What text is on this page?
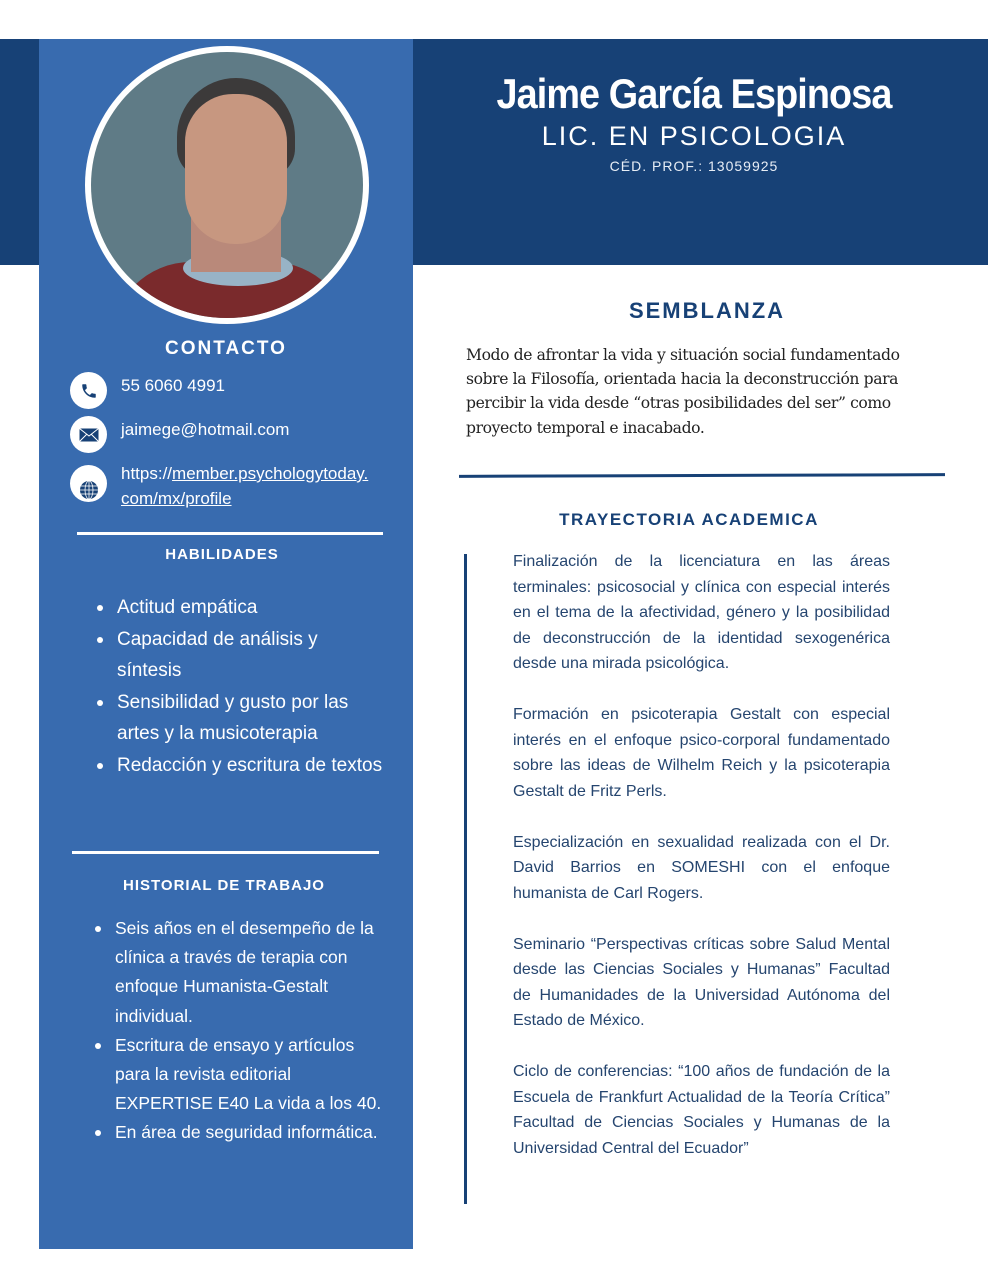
Jaime García Espinosa
LIC. EN PSICOLOGIA
CÉD. PROF.: 13059925
CONTACTO
55 6060 4991
jaimege@hotmail.com
https://member.psychologytoday.
com/mx/profile
HABILIDADES
Actitud empática
Capacidad de análisis y síntesis
Sensibilidad y gusto por las artes y la musicoterapia
Redacción y escritura de textos
HISTORIAL DE TRABAJO
Seis años en el desempeño de la clínica a través de terapia con enfoque Humanista-Gestalt individual.
Escritura de ensayo y artículos para la revista editorial EXPERTISE E40 La vida a los 40.
En área de seguridad informática.
SEMBLANZA
Modo de afrontar la vida y situación social fundamentado sobre la Filosofía, orientada hacia la deconstrucción para percibir la vida desde “otras posibilidades del ser” como proyecto temporal e inacabado.
TRAYECTORIA ACADEMICA

Finalización de la licenciatura en las áreas terminales: psicosocial y clínica con especial interés en el tema de la afectividad, género y la posibilidad de deconstrucción de la identidad sexogenérica desde una mirada psicológica.

Formación en psicoterapia Gestalt con especial interés en el enfoque psico-corporal fundamentado sobre las ideas de Wilhelm Reich y la psicoterapia Gestalt de Fritz Perls.

Especialización en sexualidad realizada con el Dr. David Barrios en SOMESHI con el enfoque humanista de Carl Rogers.

Seminario “Perspectivas críticas sobre Salud Mental desde las Ciencias Sociales y Humanas” Facultad de Humanidades de la Universidad Autónoma del Estado de México.

Ciclo de conferencias: “100 años de fundación de la Escuela de Frankfurt Actualidad de la Teoría Crítica” Facultad de Ciencias Sociales y Humanas de la Universidad Central del Ecuador”
